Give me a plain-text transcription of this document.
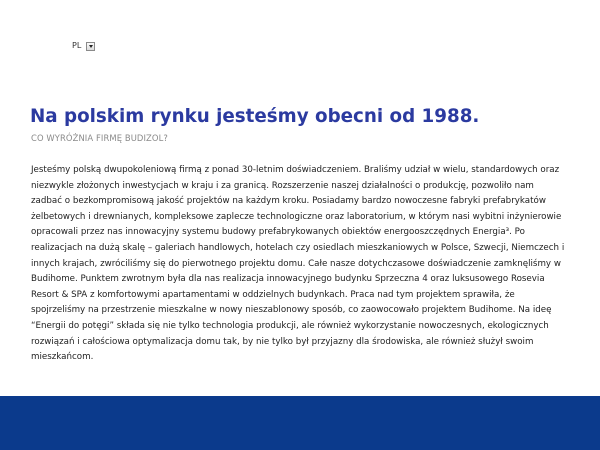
PL
Na polskim rynku jesteśmy obecni od 1988.

CO WYRÓŻNIA FIRMĘ BUDIZOL?

Jesteśmy polską dwupokoleniową firmą z ponad 30-letnim doświadczeniem. Braliśmy udział w wielu, standardowych oraz
niezwykle złożonych inwestycjach w kraju i za granicą. Rozszerzenie naszej działalności o produkcję, pozwoliło nam
zadbać o bezkompromisową jakość projektów na każdym kroku. Posiadamy bardzo nowoczesne fabryki prefabrykatów
żelbetowych i drewnianych, kompleksowe zaplecze technologiczne oraz laboratorium, w którym nasi wybitni inżynierowie
opracowali przez nas innowacyjny systemu budowy prefabrykowanych obiektów energooszczędnych Energia³. Po
realizacjach na dużą skalę – galeriach handlowych, hotelach czy osiedlach mieszkaniowych w Polsce, Szwecji, Niemczech i
innych krajach, zwróciliśmy się do pierwotnego projektu domu. Całe nasze dotychczasowe doświadczenie zamknęliśmy w
Budihome. Punktem zwrotnym była dla nas realizacja innowacyjnego budynku Sprzeczna 4 oraz luksusowego Rosevia
Resort & SPA z komfortowymi apartamentami w oddzielnych budynkach. Praca nad tym projektem sprawiła, że
spojrzeliśmy na przestrzenie mieszkalne w nowy nieszablonowy sposób, co zaowocowało projektem Budihome. Na ideę
“Energii do potęgi” składa się nie tylko technologia produkcji, ale również wykorzystanie nowoczesnych, ekologicznych
rozwiązań i całościowa optymalizacja domu tak, by nie tylko był przyjazny dla środowiska, ale również służył swoim
mieszkańcom.
